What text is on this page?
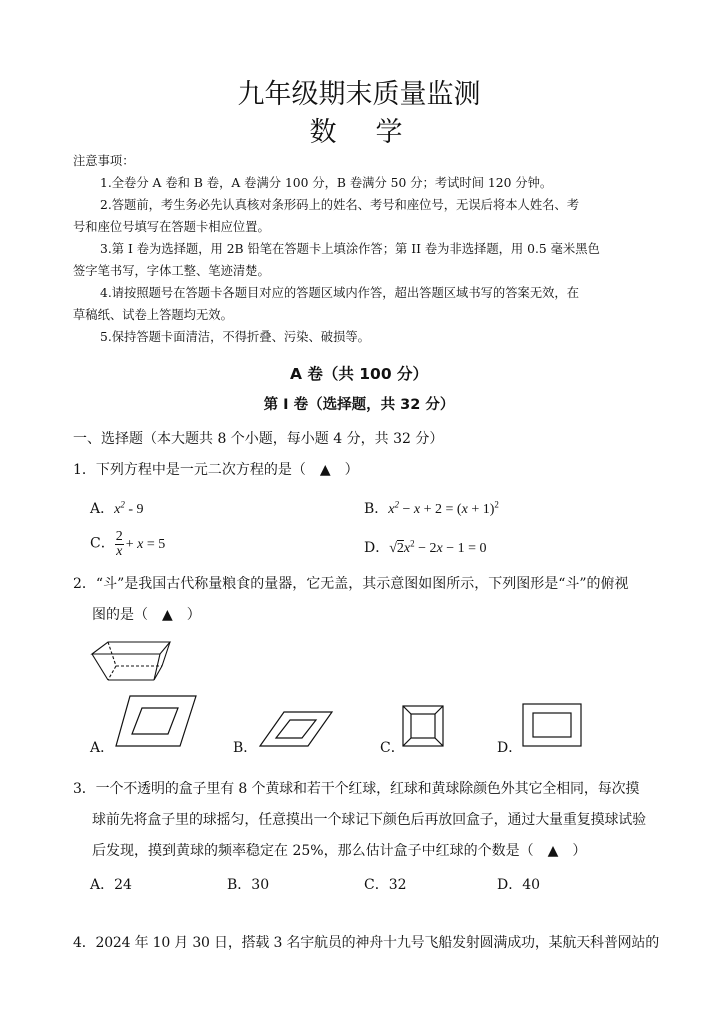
九年级期末质量监测
数　学
注意事项：
1.全卷分 A 卷和 B 卷，A 卷满分 100 分，B 卷满分 50 分；考试时间 120 分钟。
2.答题前，考生务必先认真核对条形码上的姓名、考号和座位号，无误后将本人姓名、考
号和座位号填写在答题卡相应位置。
3.第 I 卷为选择题，用 2B 铅笔在答题卡上填涂作答；第 II 卷为非选择题，用 0.5 毫米黑色
签字笔书写，字体工整、笔迹清楚。
4.请按照题号在答题卡各题目对应的答题区域内作答，超出答题区域书写的答案无效，在
草稿纸、试卷上答题均无效。
5.保持答题卡面清洁，不得折叠、污染、破损等。
A 卷（共 100 分）
第 I 卷（选择题，共 32 分）
一、选择题（本大题共 8 个小题，每小题 4 分，共 32 分）
1．下列方程中是一元二次方程的是（　▲　）
A．$x^2 - 9$	B．$x^2 - x + 2 = (x + 1)^2$
C． $\frac{2}{x} + x = 5$	D．$√2x^2 - 2x - 1 = 0$
2．“斗”是我国古代称量粮食的量器，它无盖，其示意图如图所示，下列图形是“斗”的俯视
图的是（　▲　）
A．	B．	C．	D．
3．一个不透明的盒子里有 8 个黄球和若干个红球，红球和黄球除颜色外其它全相同，每次摸
球前先将盒子里的球摇匀，任意摸出一个球记下颜色后再放回盒子，通过大量重复摸球试验
后发现，摸到黄球的频率稳定在 25%，那么估计盒子中红球的个数是（　▲　）
A．24	B．30	C．32	D．40
4．2024 年 10 月 30 日，搭载 3 名宇航员的神舟十九号飞船发射圆满成功，某航天科普网站的
